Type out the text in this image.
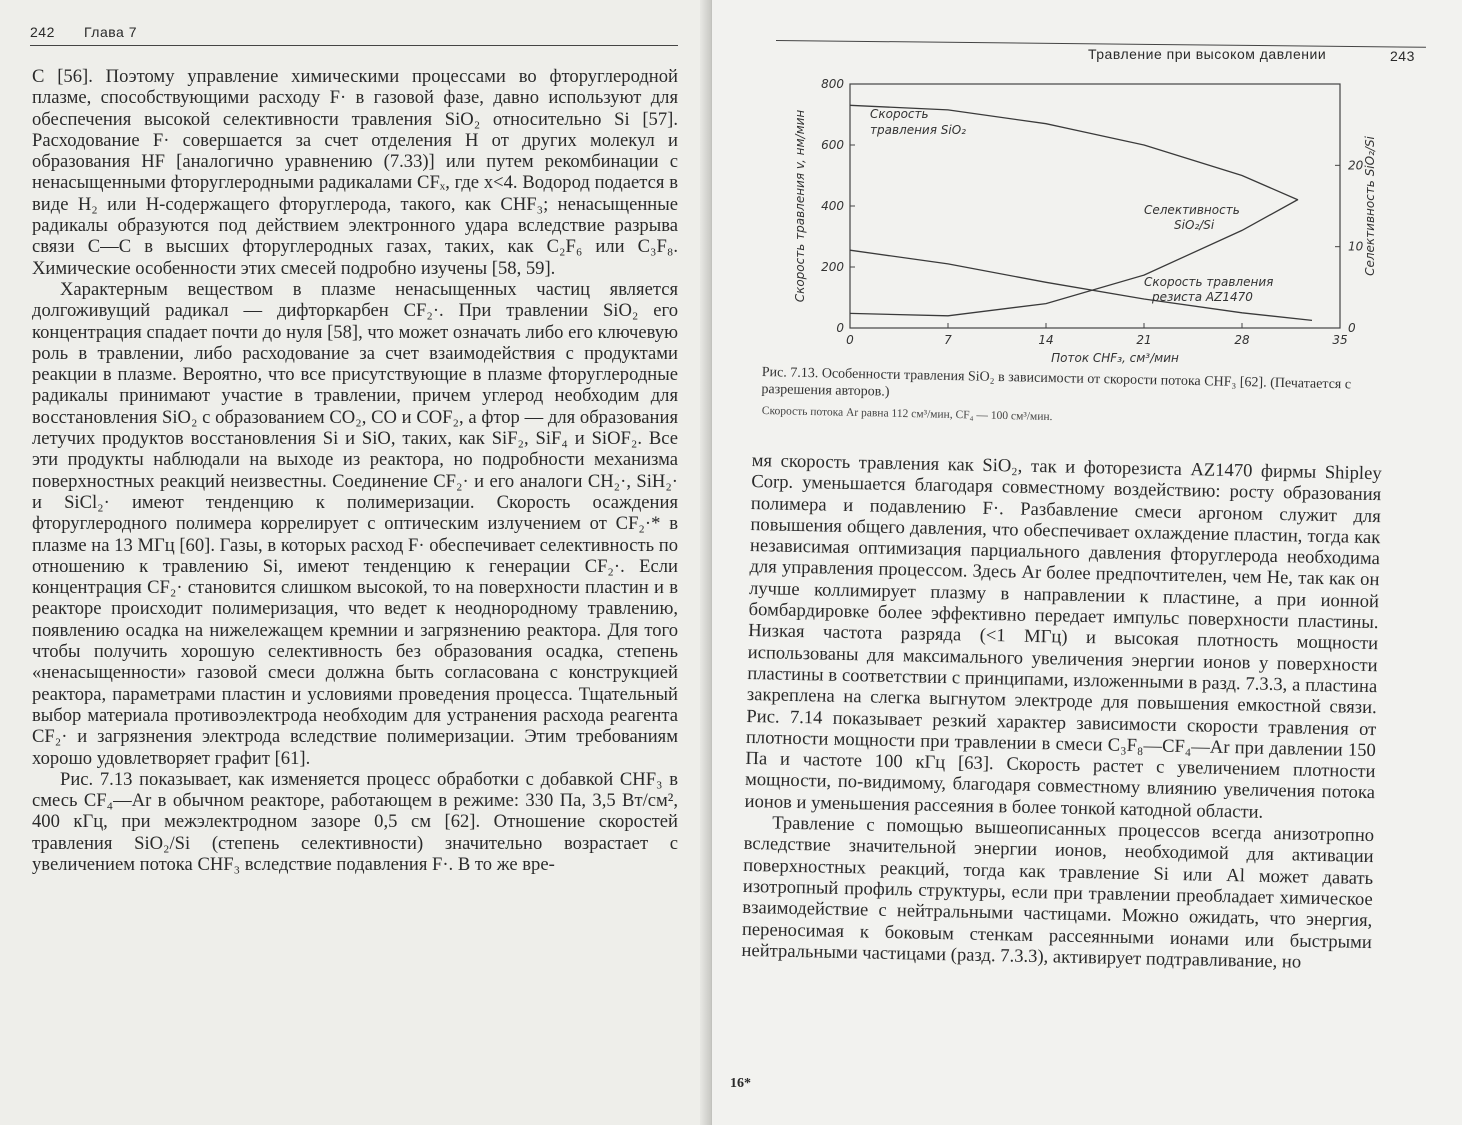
242 Глава 7

С [56]. Поэтому управление химическими процессами во фторуглеродной плазме, способствующими расходу F· в газовой фазе, давно используют для обеспечения высокой селективности травления SiO₂ относительно Si [57]. Расходование F· совершается за счет отделения H от других молекул и образования HF [аналогично уравнению (7.33)] или путем рекомбинации с ненасыщенными фторуглеродными радикалами CFₓ, где x<4. Водород подается в виде H₂ или H-содержащего фторуглерода, такого, как CHF₃; ненасыщенные радикалы образуются под действием электронного удара вследствие разрыва связи C—C в высших фторуглеродных газах, таких, как C₂F₆ или C₃F₈. Химические особенности этих смесей подробно изучены [58, 59].

Характерным веществом в плазме ненасыщенных частиц является долгоживущий радикал — дифторкарбен CF₂·. При травлении SiO₂ его концентрация спадает почти до нуля [58], что может означать либо его ключевую роль в травлении, либо расходование за счет взаимодействия с продуктами реакции в плазме. Вероятно, что все присутствующие в плазме фторуглеродные радикалы принимают участие в травлении, причем углерод необходим для восстановления SiO₂ с образованием CO₂, CO и COF₂, а фтор — для образования летучих продуктов восстановления Si и SiO, таких, как SiF₂, SiF₄ и SiOF₂. Все эти продукты наблюдали на выходе из реактора, но подробности механизма поверхностных реакций неизвестны. Соединение CF₂· и его аналоги CH₂·, SiH₂· и SiCl₂· имеют тенденцию к полимеризации. Скорость осаждения фторуглеродного полимера коррелирует с оптическим излучением от CF₂·* в плазме на 13 МГц [60]. Газы, в которых расход F· обеспечивает селективность по отношению к травлению Si, имеют тенденцию к генерации CF₂·. Если концентрация CF₂· становится слишком высокой, то на поверхности пластин и в реакторе происходит полимеризация, что ведет к неоднородному травлению, появлению осадка на нижележащем кремнии и загрязнению реактора. Для того чтобы получить хорошую селективность без образования осадка, степень «ненасыщенности» газовой смеси должна быть согласована с конструкцией реактора, параметрами пластин и условиями проведения процесса. Тщательный выбор материала противоэлектрода необходим для устранения расхода реагента CF₂· и загрязнения электрода вследствие полимеризации. Этим требованиям хорошо удовлетворяет графит [61].

Рис. 7.13 показывает, как изменяется процесс обработки с добавкой CHF₃ в смесь CF₄—Ar в обычном реакторе, работающем в режиме: 330 Па, 3,5 Вт/см², 400 кГц, при межэлектродном зазоре 0,5 см [62]. Отношение скоростей травления SiO₂/Si (степень селективности) значительно возрастает с увеличением потока CHF₃ вследствие подавления F·. В то же вре-

Травление при высоком давлении	243
0	7	14	21	28	35
0
200
400
600
800
0
10
20
Поток CHF₃, см³/мин
Скорость травления v, нм/мин	Селективность SiO₂/Si
Скорость
травления SiO₂
Селективность
SiO₂/Si
Скорость травления
резиста AZ1470
Рис. 7.13. Особенности травления SiO₂ в зависимости от скорости потока CHF₃ [62]. (Печатается с разрешения авторов.)
Скорость потока Ar равна 112 см³/мин, CF₄ — 100 см³/мин.

мя скорость травления как SiO₂, так и фоторезиста AZ1470 фирмы Shipley Corp. уменьшается благодаря совместному воздействию: росту образования полимера и подавлению F·. Разбавление смеси аргоном служит для повышения общего давления, что обеспечивает охлаждение пластин, тогда как независимая оптимизация парциального давления фторуглерода необходима для управления процессом. Здесь Ar более предпочтителен, чем He, так как он лучше коллимирует плазму в направлении к пластине, а при ионной бомбардировке более эффективно передает импульс поверхности пластины. Низкая частота разряда (<1 МГц) и высокая плотность мощности использованы для максимального увеличения энергии ионов у поверхности пластины в соответствии с принципами, изложенными в разд. 7.3.3, а пластина закреплена на слегка выгнутом электроде для повышения емкостной связи. Рис. 7.14 показывает резкий характер зависимости скорости травления от плотности мощности при травлении в смеси C₃F₈—CF₄—Ar при давлении 150 Па и частоте 100 кГц [63]. Скорость растет с увеличением плотности мощности, по-видимому, благодаря совместному влиянию увеличения потока ионов и уменьшения рассеяния в более тонкой катодной области.

Травление с помощью вышеописанных процессов всегда анизотропно вследствие значительной энергии ионов, необходимой для активации поверхностных реакций, тогда как травление Si или Al может давать изотропный профиль структуры, если при травлении преобладает химическое взаимодействие с нейтральными частицами. Можно ожидать, что энергия, переносимая к боковым стенкам рассеянными ионами или быстрыми нейтральными частицами (разд. 7.3.3), активирует подтравливание, но

16*
